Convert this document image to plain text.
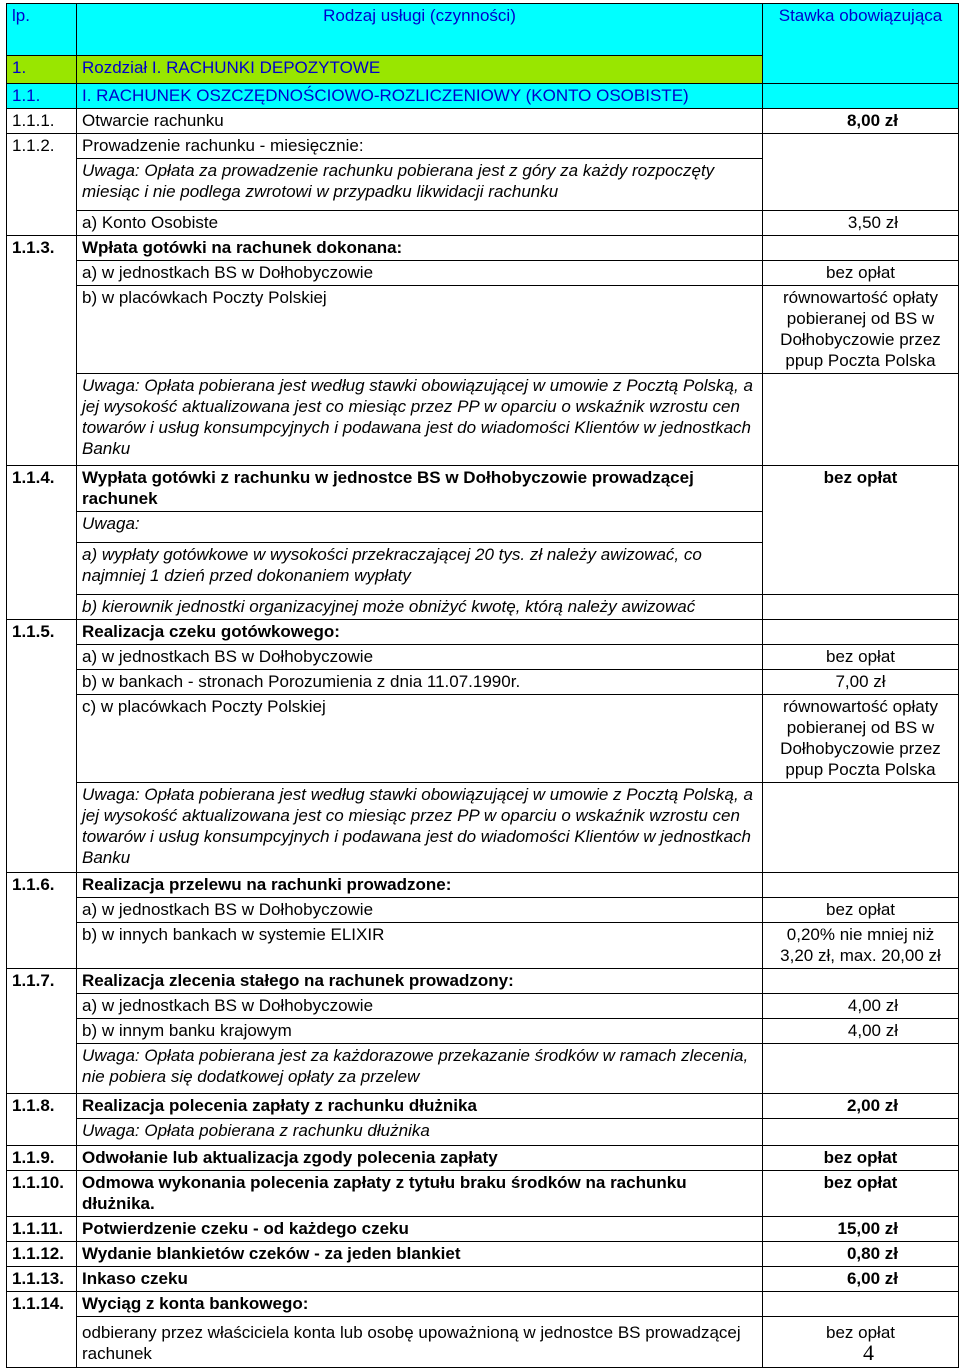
lp.	Rodzaj usługi (czynności)	Stawka obowiązująca
1.	Rozdział I. RACHUNKI DEPOZYTOWE	
1.1.	I. RACHUNEK OSZCZĘDNOŚCIOWO-ROZLICZENIOWY (KONTO OSOBISTE)	
1.1.1.	Otwarcie rachunku	8,00 zł
1.1.2.	Prowadzenie rachunku - miesięcznie:	
	Uwaga: Opłata za prowadzenie rachunku pobierana jest z góry za każdy rozpoczęty miesiąc i nie podlega zwrotowi w przypadku likwidacji rachunku	
	a) Konto Osobiste	3,50 zł
1.1.3.	Wpłata gotówki na rachunek dokonana:	
	a) w jednostkach BS w Dołhobyczowie	bez opłat
	b) w placówkach Poczty Polskiej	równowartość opłaty pobieranej od BS w Dołhobyczowie przez ppup Poczta Polska
	Uwaga: Opłata pobierana jest według stawki obowiązującej w umowie z Pocztą Polską, a jej wysokość aktualizowana jest co miesiąc przez PP w oparciu o wskaźnik wzrostu cen towarów i usług konsumpcyjnych i podawana jest do wiadomości Klientów w jednostkach Banku	
1.1.4.	Wypłata gotówki z rachunku w jednostce BS w Dołhobyczowie prowadzącej rachunek	bez opłat
	Uwaga:	
	a) wypłaty gotówkowe w wysokości przekraczającej 20 tys. zł należy awizować, co najmniej 1 dzień przed dokonaniem wypłaty	
	b) kierownik jednostki organizacyjnej może obniżyć kwotę, którą należy awizować	
1.1.5.	Realizacja czeku gotówkowego:	
	a) w jednostkach BS w Dołhobyczowie	bez opłat
	b) w bankach - stronach Porozumienia z dnia 11.07.1990r.	7,00 zł
	c) w placówkach Poczty Polskiej	równowartość opłaty pobieranej od BS w Dołhobyczowie przez ppup Poczta Polska
	Uwaga: Opłata pobierana jest według stawki obowiązującej w umowie z Pocztą Polską, a jej wysokość aktualizowana jest co miesiąc przez PP w oparciu o wskaźnik wzrostu cen towarów i usług konsumpcyjnych i podawana jest do wiadomości Klientów w jednostkach Banku	
1.1.6.	Realizacja przelewu na rachunki prowadzone:	
	a) w jednostkach BS w Dołhobyczowie	bez opłat
	b) w innych bankach w systemie ELIXIR	0,20% nie mniej niż 3,20 zł, max. 20,00 zł
1.1.7.	Realizacja zlecenia stałego na rachunek prowadzony:	
	a) w jednostkach BS w Dołhobyczowie	4,00 zł
	b) w innym banku krajowym	4,00 zł
	Uwaga: Opłata pobierana jest za każdorazowe przekazanie środków w ramach zlecenia, nie pobiera się dodatkowej opłaty za przelew	
1.1.8.	Realizacja polecenia zapłaty z rachunku dłużnika	2,00 zł
	Uwaga: Opłata pobierana z rachunku dłużnika	
1.1.9.	Odwołanie lub aktualizacja zgody polecenia zapłaty	bez opłat
1.1.10.	Odmowa wykonania polecenia zapłaty z tytułu braku środków na rachunku dłużnika.	bez opłat
1.1.11.	Potwierdzenie czeku - od każdego czeku	15,00 zł
1.1.12.	Wydanie blankietów czeków - za jeden blankiet	0,80 zł
1.1.13.	Inkaso czeku	6,00 zł
1.1.14.	Wyciąg z konta bankowego:	
	odbierany przez właściciela konta lub osobę upoważnioną w jednostce BS prowadzącej rachunek	bez opłat
4
